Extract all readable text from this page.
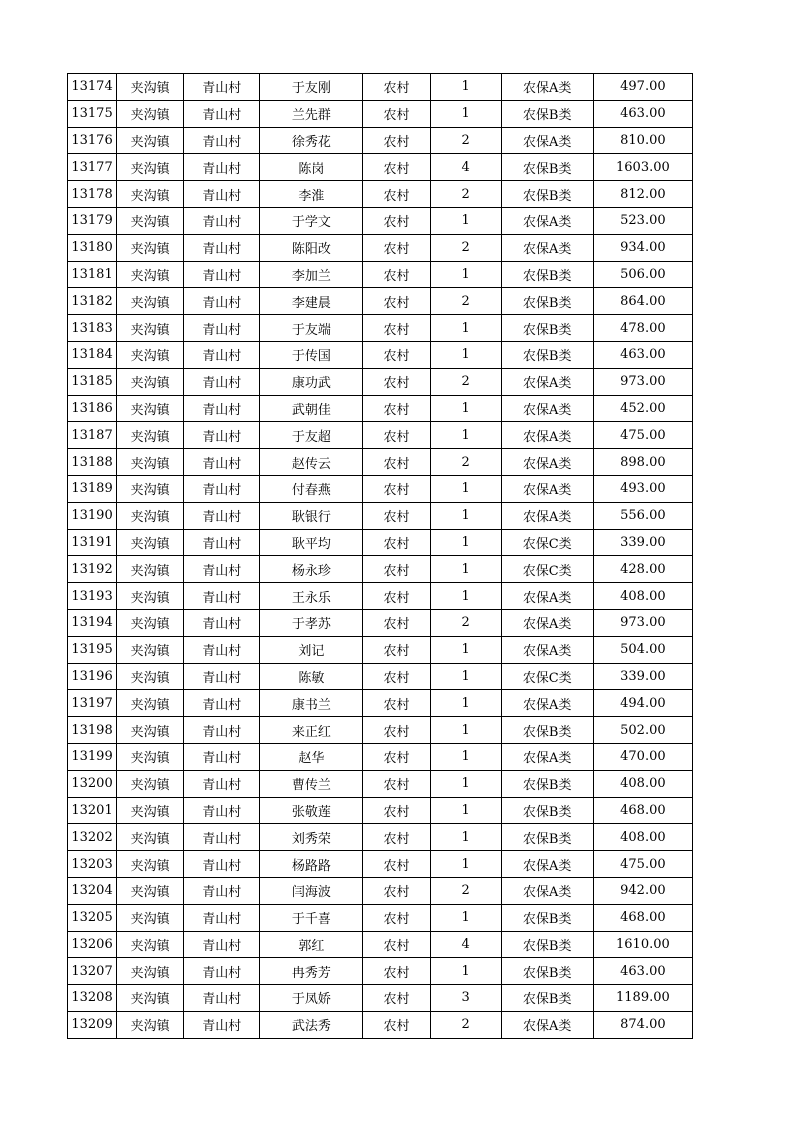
13174	夹沟镇	青山村	于友刚	农村	1	农保A类	497.00
13175	夹沟镇	青山村	兰先群	农村	1	农保B类	463.00
13176	夹沟镇	青山村	徐秀花	农村	2	农保A类	810.00
13177	夹沟镇	青山村	陈岗	农村	4	农保B类	1603.00
13178	夹沟镇	青山村	李淮	农村	2	农保B类	812.00
13179	夹沟镇	青山村	于学文	农村	1	农保A类	523.00
13180	夹沟镇	青山村	陈阳改	农村	2	农保A类	934.00
13181	夹沟镇	青山村	李加兰	农村	1	农保B类	506.00
13182	夹沟镇	青山村	李建晨	农村	2	农保B类	864.00
13183	夹沟镇	青山村	于友端	农村	1	农保B类	478.00
13184	夹沟镇	青山村	于传国	农村	1	农保B类	463.00
13185	夹沟镇	青山村	康功武	农村	2	农保A类	973.00
13186	夹沟镇	青山村	武朝佳	农村	1	农保A类	452.00
13187	夹沟镇	青山村	于友超	农村	1	农保A类	475.00
13188	夹沟镇	青山村	赵传云	农村	2	农保A类	898.00
13189	夹沟镇	青山村	付春燕	农村	1	农保A类	493.00
13190	夹沟镇	青山村	耿银行	农村	1	农保A类	556.00
13191	夹沟镇	青山村	耿平均	农村	1	农保C类	339.00
13192	夹沟镇	青山村	杨永珍	农村	1	农保C类	428.00
13193	夹沟镇	青山村	王永乐	农村	1	农保A类	408.00
13194	夹沟镇	青山村	于孝苏	农村	2	农保A类	973.00
13195	夹沟镇	青山村	刘记	农村	1	农保A类	504.00
13196	夹沟镇	青山村	陈敏	农村	1	农保C类	339.00
13197	夹沟镇	青山村	康书兰	农村	1	农保A类	494.00
13198	夹沟镇	青山村	来正红	农村	1	农保B类	502.00
13199	夹沟镇	青山村	赵华	农村	1	农保A类	470.00
13200	夹沟镇	青山村	曹传兰	农村	1	农保B类	408.00
13201	夹沟镇	青山村	张敬莲	农村	1	农保B类	468.00
13202	夹沟镇	青山村	刘秀荣	农村	1	农保B类	408.00
13203	夹沟镇	青山村	杨路路	农村	1	农保A类	475.00
13204	夹沟镇	青山村	闫海波	农村	2	农保A类	942.00
13205	夹沟镇	青山村	于千喜	农村	1	农保B类	468.00
13206	夹沟镇	青山村	郭红	农村	4	农保B类	1610.00
13207	夹沟镇	青山村	冉秀芳	农村	1	农保B类	463.00
13208	夹沟镇	青山村	于凤娇	农村	3	农保B类	1189.00
13209	夹沟镇	青山村	武法秀	农村	2	农保A类	874.00
